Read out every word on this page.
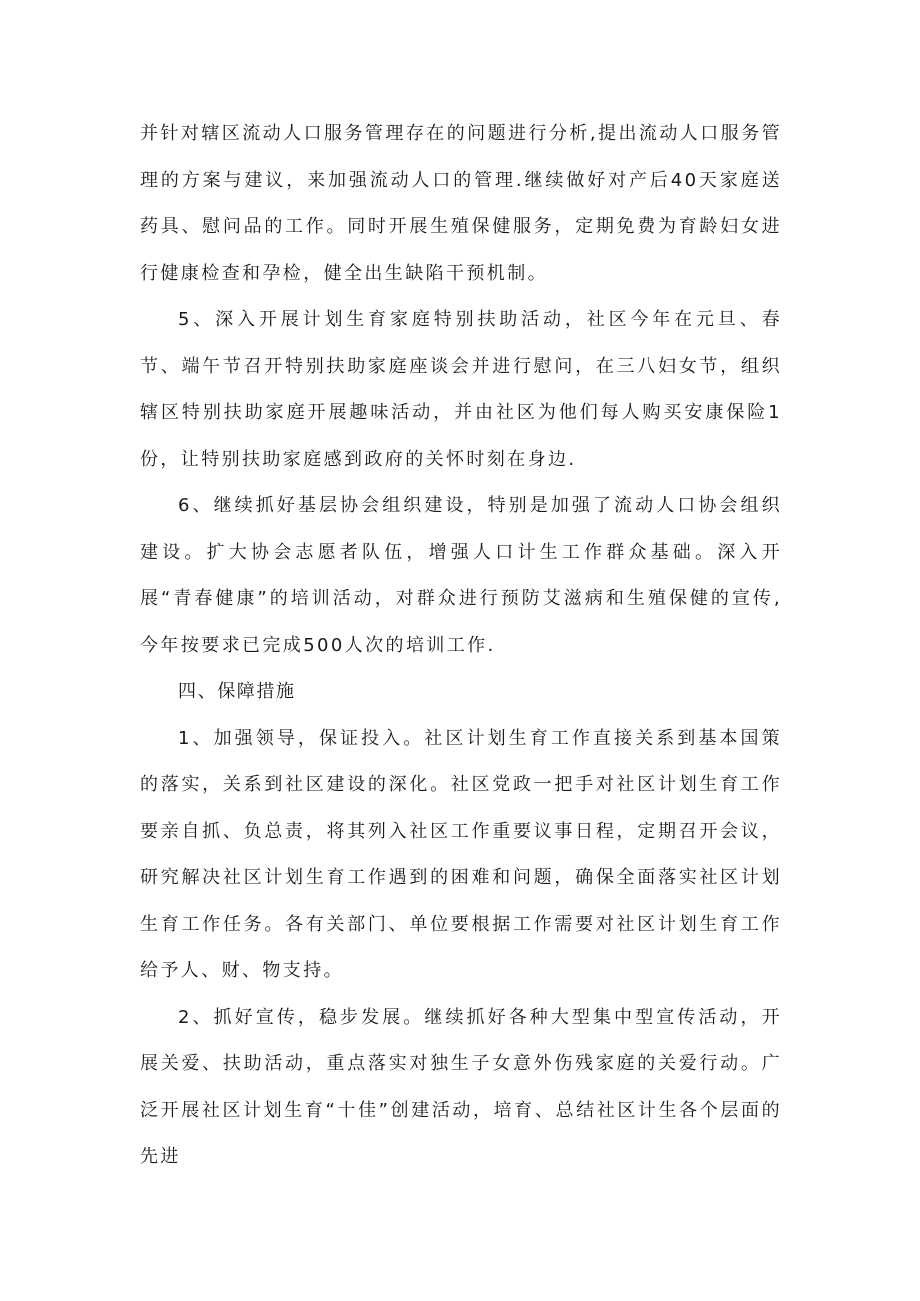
并针对辖区流动人口服务管理存在的问题进行分析,提出流动人口服务管理的方案与建议，来加强流动人口的管理.继续做好对产后40天家庭送药具、慰问品的工作。同时开展生殖保健服务，定期免费为育龄妇女进行健康检查和孕检，健全出生缺陷干预机制。

5、深入开展计划生育家庭特别扶助活动，社区今年在元旦、春节、端午节召开特别扶助家庭座谈会并进行慰问，在三八妇女节，组织辖区特别扶助家庭开展趣味活动，并由社区为他们每人购买安康保险1份，让特别扶助家庭感到政府的关怀时刻在身边.

6、继续抓好基层协会组织建设，特别是加强了流动人口协会组织建设。扩大协会志愿者队伍，增强人口计生工作群众基础。深入开展“青春健康”的培训活动，对群众进行预防艾滋病和生殖保健的宣传,今年按要求已完成500人次的培训工作.

四、保障措施

1、加强领导，保证投入。社区计划生育工作直接关系到基本国策的落实，关系到社区建设的深化。社区党政一把手对社区计划生育工作要亲自抓、负总责，将其列入社区工作重要议事日程，定期召开会议，研究解决社区计划生育工作遇到的困难和问题，确保全面落实社区计划生育工作任务。各有关部门、单位要根据工作需要对社区计划生育工作给予人、财、物支持。

2、抓好宣传，稳步发展。继续抓好各种大型集中型宣传活动，开展关爱、扶助活动，重点落实对独生子女意外伤残家庭的关爱行动。广泛开展社区计划生育“十佳”创建活动，培育、总结社区计生各个层面的先进
